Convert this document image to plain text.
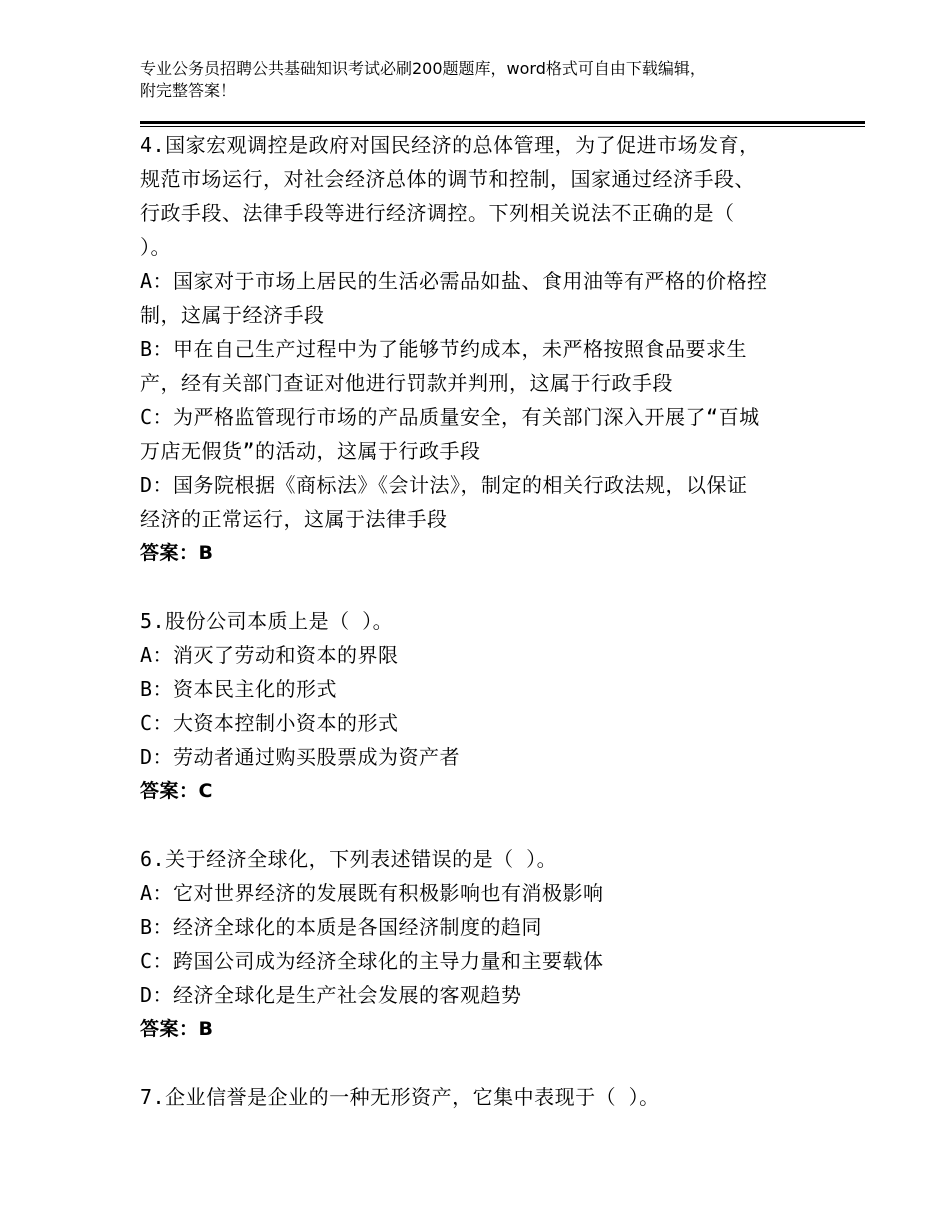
专业公务员招聘公共基础知识考试必刷200题题库，word格式可自由下载编辑，
附完整答案！
4.国家宏观调控是政府对国民经济的总体管理，为了促进市场发育，
规范市场运行，对社会经济总体的调节和控制，国家通过经济手段、
行政手段、法律手段等进行经济调控。下列相关说法不正确的是（
）。
A：国家对于市场上居民的生活必需品如盐、食用油等有严格的价格控
制，这属于经济手段
B：甲在自己生产过程中为了能够节约成本，未严格按照食品要求生
产，经有关部门查证对他进行罚款并判刑，这属于行政手段
C：为严格监管现行市场的产品质量安全，有关部门深入开展了“百城
万店无假货”的活动，这属于行政手段
D：国务院根据《商标法》《会计法》，制定的相关行政法规，以保证
经济的正常运行，这属于法律手段
答案：B
5.股份公司本质上是（ ）。
A：消灭了劳动和资本的界限
B：资本民主化的形式
C：大资本控制小资本的形式
D：劳动者通过购买股票成为资产者
答案：C
6.关于经济全球化，下列表述错误的是（ ）。
A：它对世界经济的发展既有积极影响也有消极影响
B：经济全球化的本质是各国经济制度的趋同
C：跨国公司成为经济全球化的主导力量和主要载体
D：经济全球化是生产社会发展的客观趋势
答案：B
7.企业信誉是企业的一种无形资产，它集中表现于（ ）。
